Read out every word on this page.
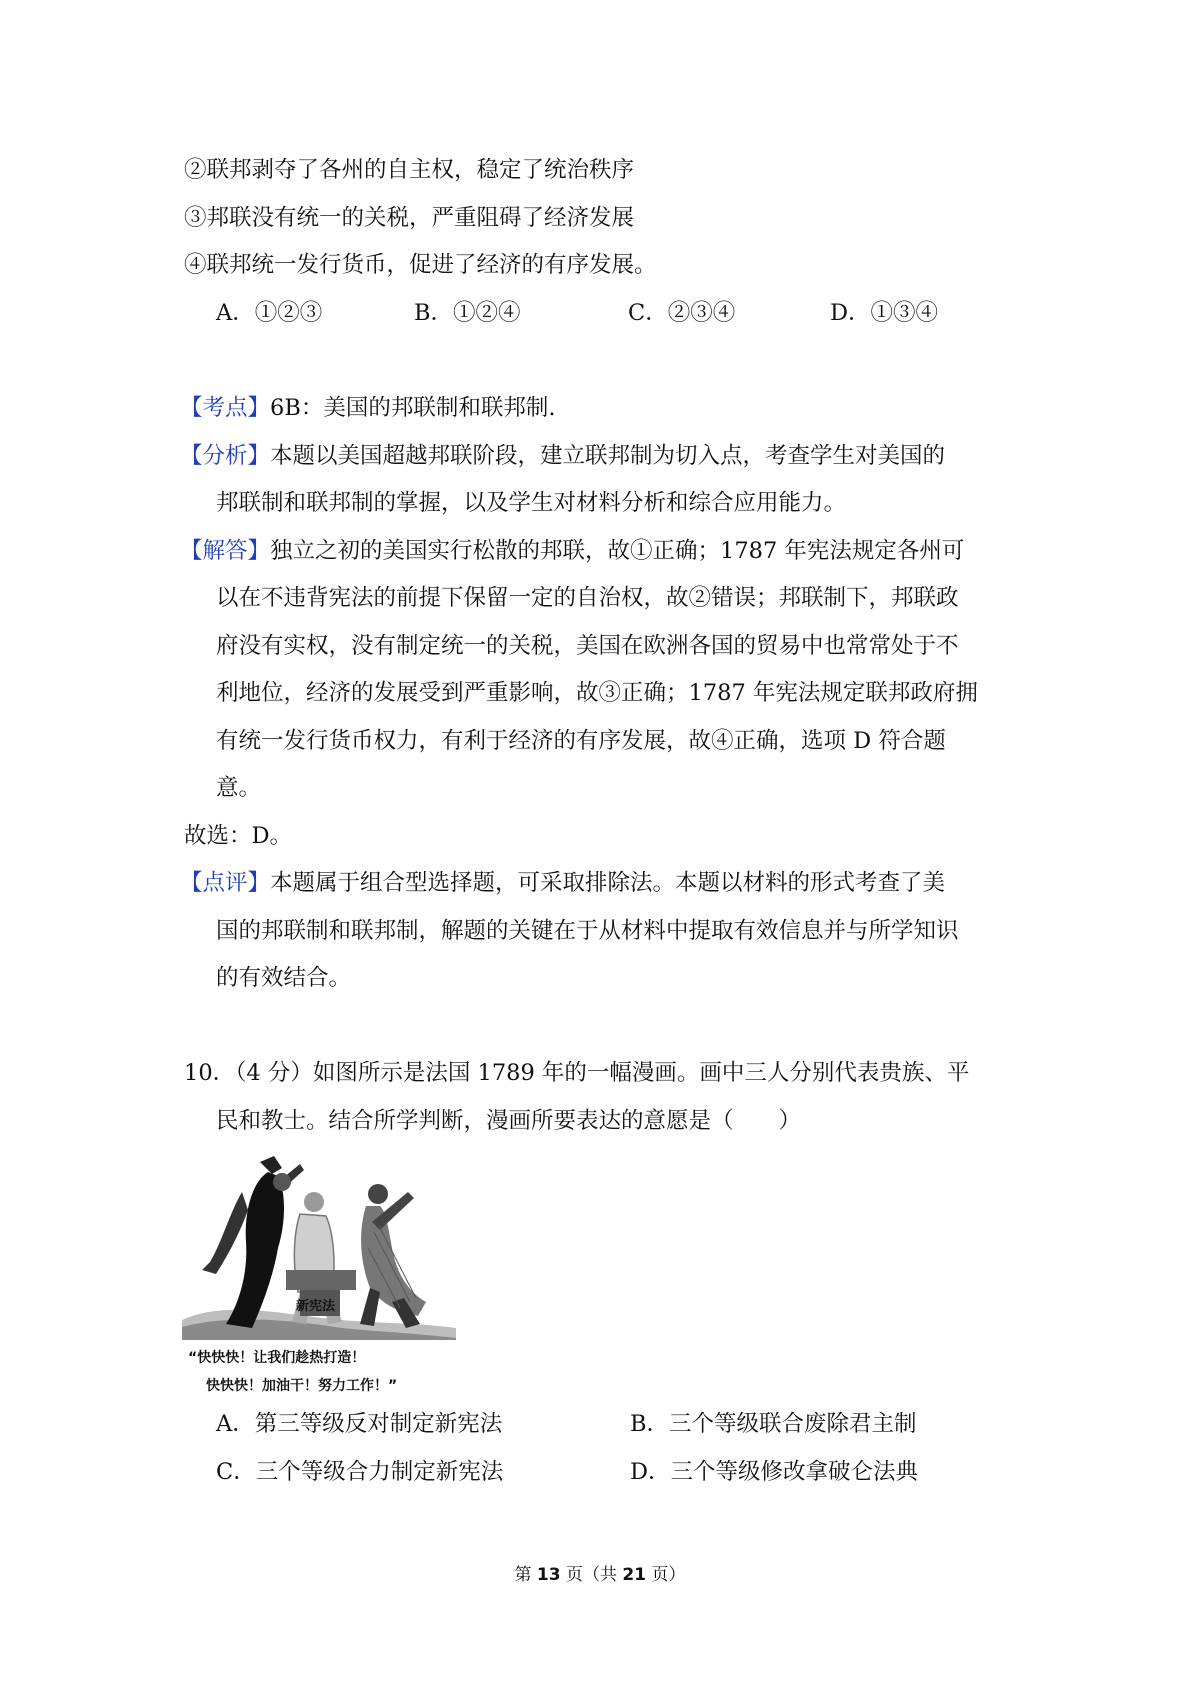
②联邦剥夺了各州的自主权，稳定了统治秩序
③邦联没有统一的关税，严重阻碍了经济发展
④联邦统一发行货币，促进了经济的有序发展。
A．①②③	B．①②④	C．②③④	D．①③④
【考点】6B：美国的邦联制和联邦制.
【分析】本题以美国超越邦联阶段，建立联邦制为切入点，考查学生对美国的
邦联制和联邦制的掌握，以及学生对材料分析和综合应用能力。
【解答】独立之初的美国实行松散的邦联，故①正确；1787 年宪法规定各州可
以在不违背宪法的前提下保留一定的自治权，故②错误；邦联制下，邦联政
府没有实权，没有制定统一的关税，美国在欧洲各国的贸易中也常常处于不
利地位，经济的发展受到严重影响，故③正确；1787 年宪法规定联邦政府拥
有统一发行货币权力，有利于经济的有序发展，故④正确，选项 D 符合题
意。
故选：D。
【点评】本题属于组合型选择题，可采取排除法。本题以材料的形式考查了美
国的邦联制和联邦制，解题的关键在于从材料中提取有效信息并与所学知识
的有效结合。
10．（4 分）如图所示是法国 1789 年的一幅漫画。画中三人分别代表贵族、平
民和教士。结合所学判断，漫画所要表达的意愿是（　　）
新宪法
“快快快！让我们趁热打造！
快快快！加油干！努力工作！”
A．第三等级反对制定新宪法	B．三个等级联合废除君主制
C．三个等级合力制定新宪法	D．三个等级修改拿破仑法典
第 13 页（共 21 页）
